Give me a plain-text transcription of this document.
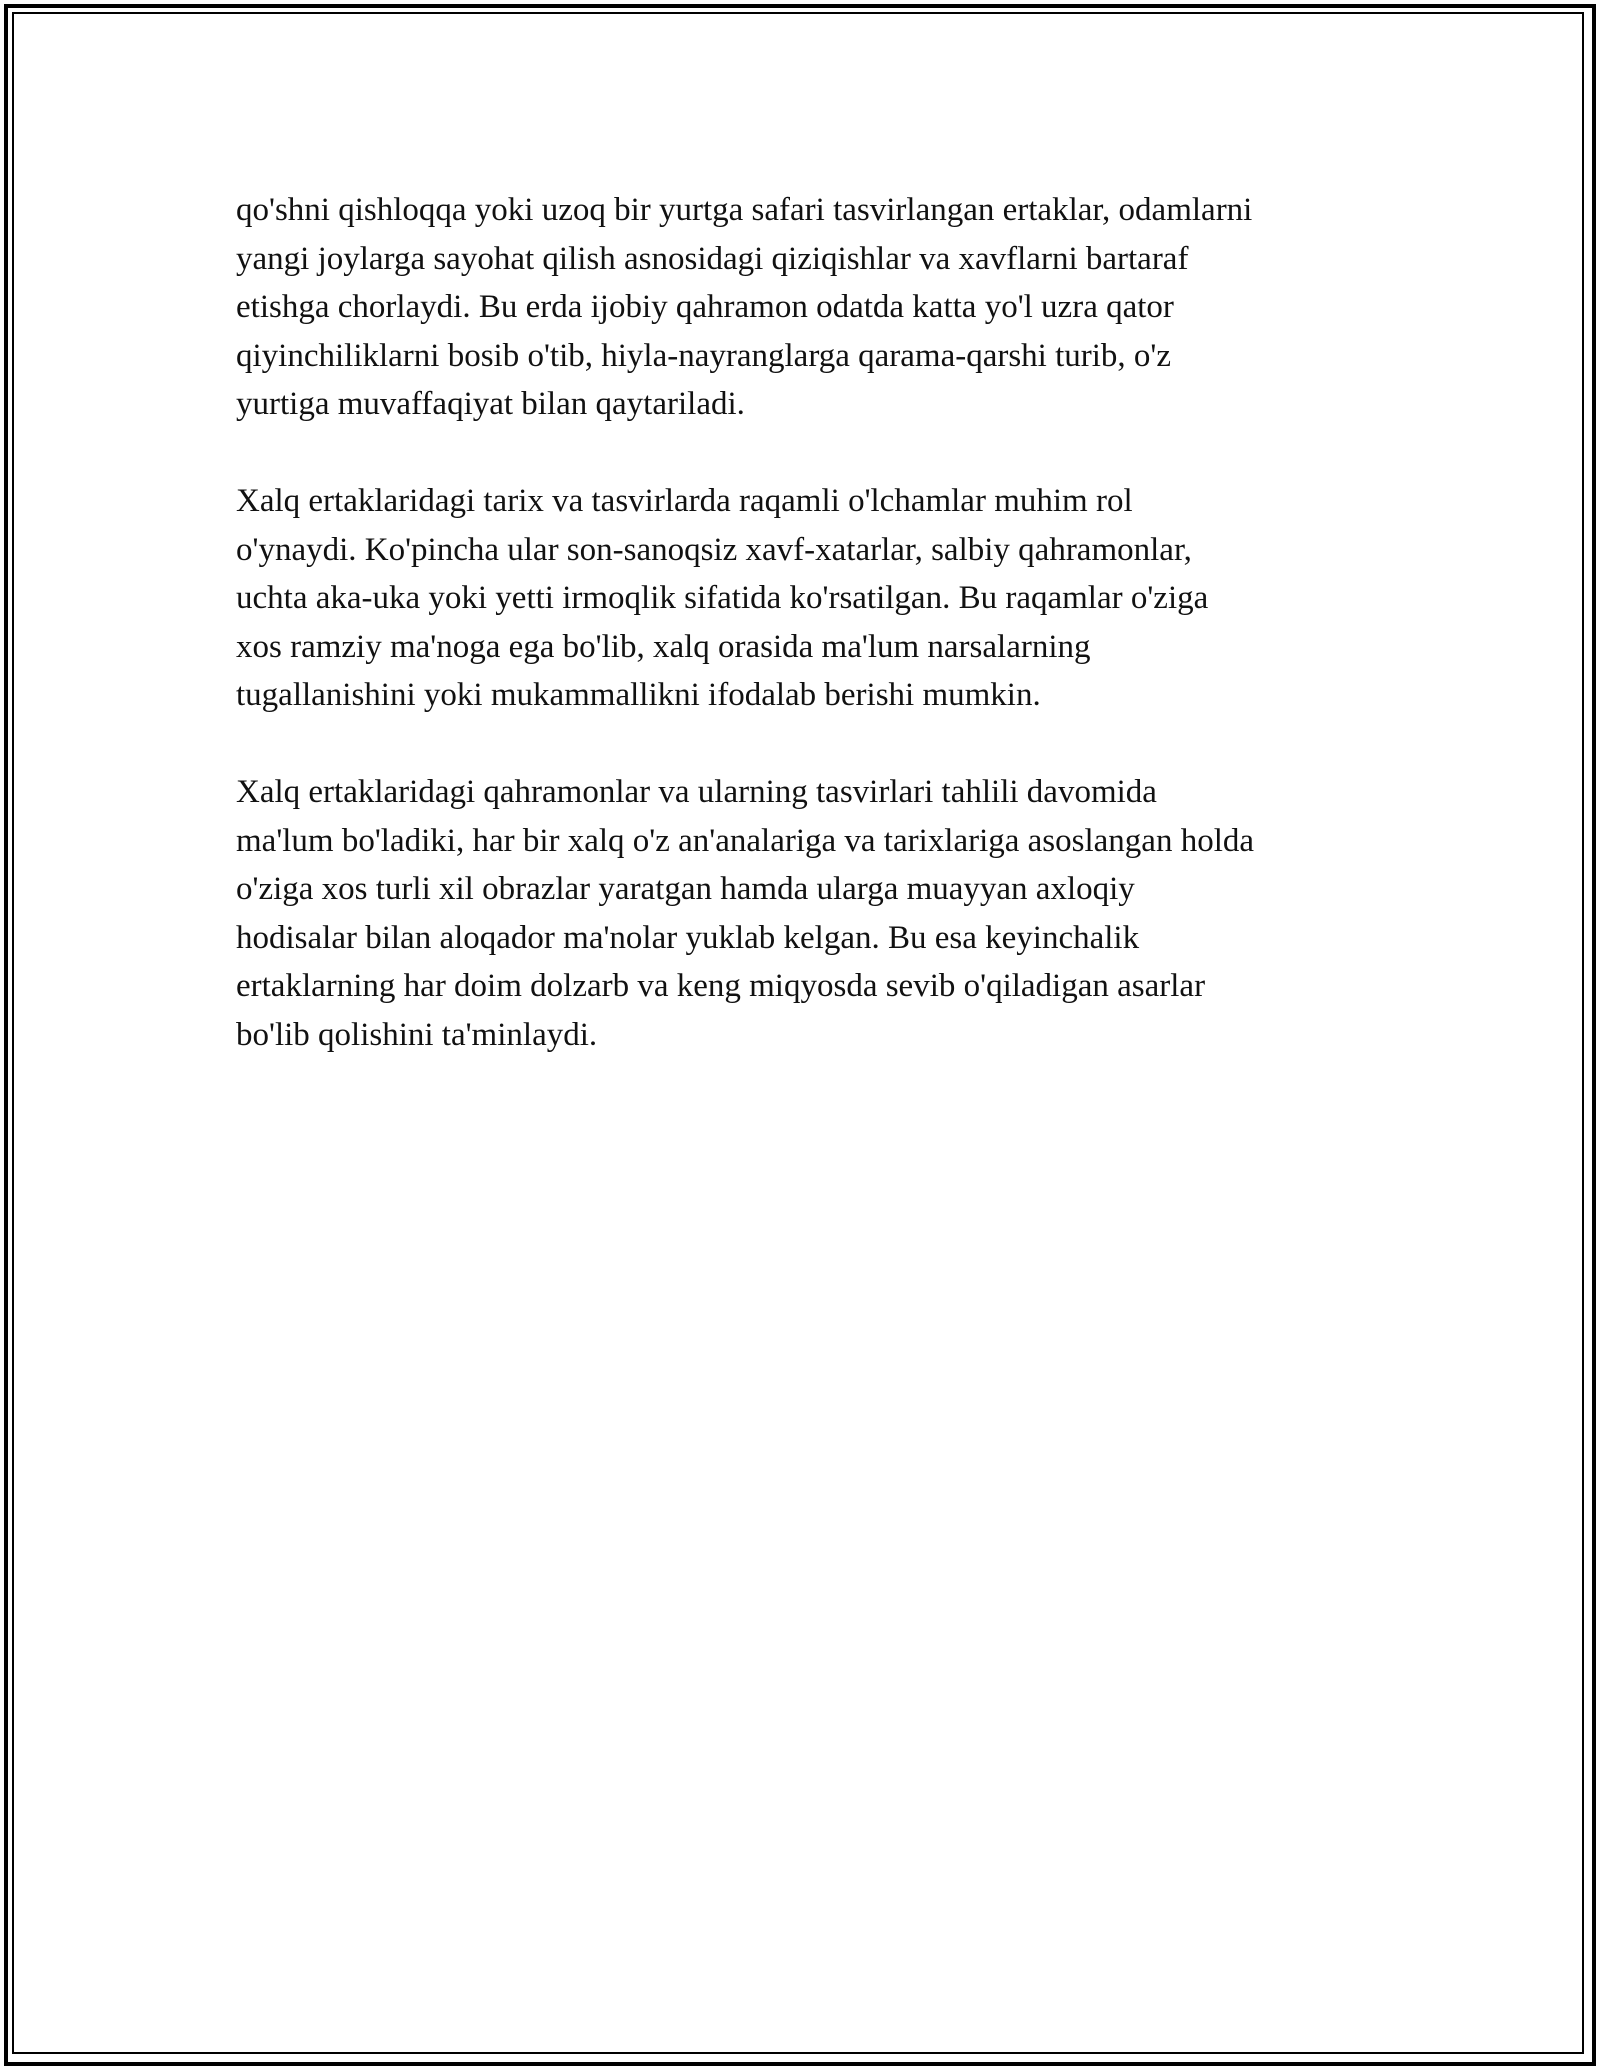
qo'shni qishloqqa yoki uzoq bir yurtga safari tasvirlangan ertaklar, odamlarni
yangi joylarga sayohat qilish asnosidagi qiziqishlar va xavflarni bartaraf
etishga chorlaydi. Bu erda ijobiy qahramon odatda katta yo'l uzra qator
qiyinchiliklarni bosib o'tib, hiyla-nayranglarga qarama-qarshi turib, o'z
yurtiga muvaffaqiyat bilan qaytariladi.

Xalq ertaklaridagi tarix va tasvirlarda raqamli o'lchamlar muhim rol
o'ynaydi. Ko'pincha ular son-sanoqsiz xavf-xatarlar, salbiy qahramonlar,
uchta aka-uka yoki yetti irmoqlik sifatida ko'rsatilgan. Bu raqamlar o'ziga
xos ramziy ma'noga ega bo'lib, xalq orasida ma'lum narsalarning
tugallanishini yoki mukammallikni ifodalab berishi mumkin.

Xalq ertaklaridagi qahramonlar va ularning tasvirlari tahlili davomida
ma'lum bo'ladiki, har bir xalq o'z an'analariga va tarixlariga asoslangan holda
o'ziga xos turli xil obrazlar yaratgan hamda ularga muayyan axloqiy
hodisalar bilan aloqador ma'nolar yuklab kelgan. Bu esa keyinchalik
ertaklarning har doim dolzarb va keng miqyosda sevib o'qiladigan asarlar
bo'lib qolishini ta'minlaydi.
